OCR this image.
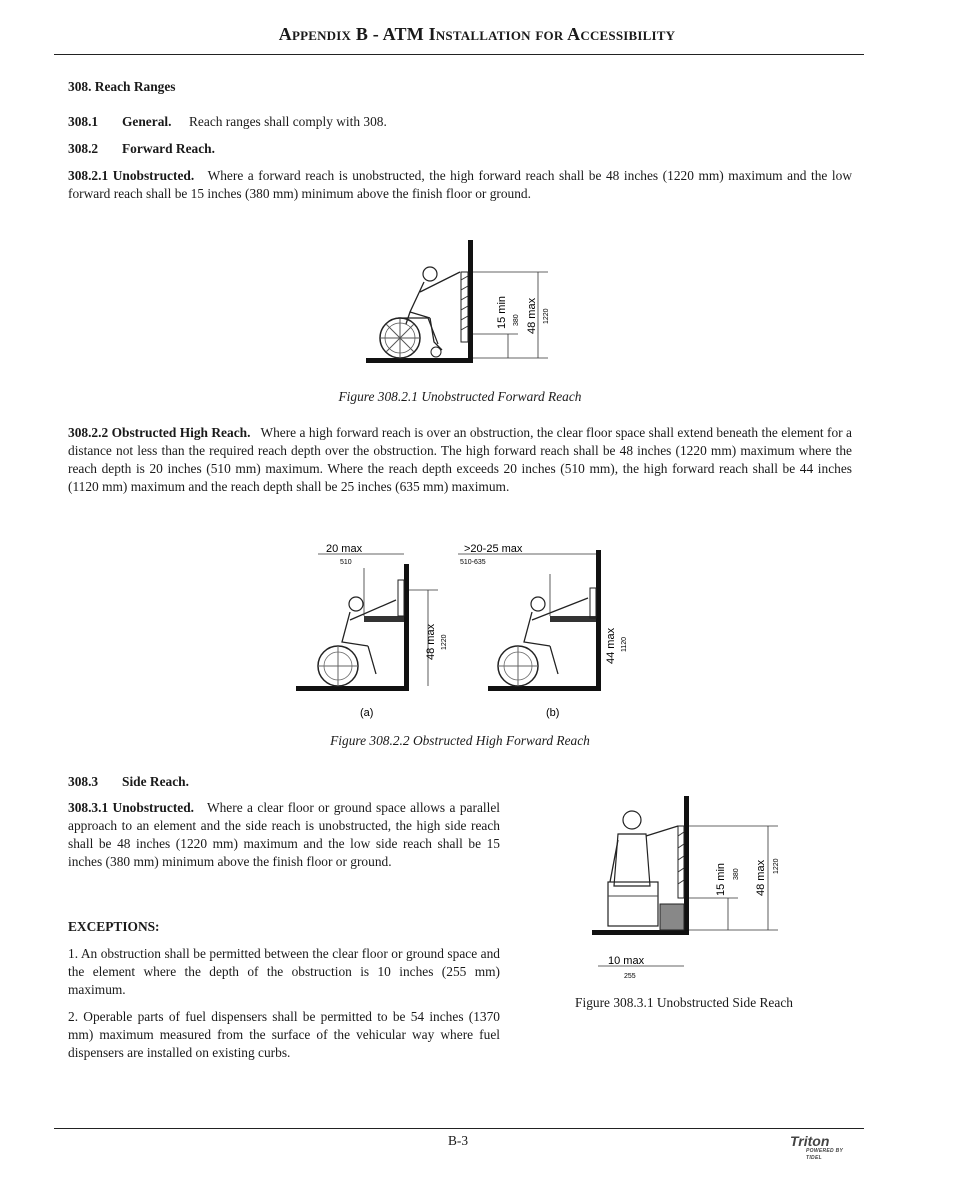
Appendix B - ATM Installation for Accessibility
308. Reach Ranges
308.1 General. Reach ranges shall comply with 308.
308.2 Forward Reach.
308.2.1 Unobstructed. Where a forward reach is unobstructed, the high forward reach shall be 48 inches (1220 mm) maximum and the low forward reach shall be 15 inches (380 mm) minimum above the finish floor or ground.
15 min 380 48 max 1220
Figure 308.2.1 Unobstructed Forward Reach
308.2.2 Obstructed High Reach. Where a high forward reach is over an obstruction, the clear floor space shall extend beneath the element for a distance not less than the required reach depth over the obstruction. The high forward reach shall be 48 inches (1220 mm) maximum where the reach depth is 20 inches (510 mm) maximum. Where the reach depth exceeds 20 inches (510 mm), the high forward reach shall be 44 inches (1120 mm) maximum and the reach depth shall be 25 inches (635 mm) maximum.
20 max
510
48 max 1220
(a)
>20-25 max
510-635
44 max 1120
(b)
Figure 308.2.2 Obstructed High Forward Reach
308.3 Side Reach.
308.3.1 Unobstructed. Where a clear floor or ground space allows a parallel approach to an element and the side reach is unobstructed, the high side reach shall be 48 inches (1220 mm) maximum and the low side reach shall be 15 inches (380 mm) minimum above the finish floor or ground.
EXCEPTIONS:
1. An obstruction shall be permitted between the clear floor or ground space and the element where the depth of the obstruction is 10 inches (255 mm) maximum.
2. Operable parts of fuel dispensers shall be permitted to be 54 inches (1370 mm) maximum measured from the surface of the vehicular way where fuel dispensers are installed on existing curbs.
15 min 380 48 max 1220
10 max
255
Figure 308.3.1 Unobstructed Side Reach
B-3	Triton
POWERED BY TIDEL
